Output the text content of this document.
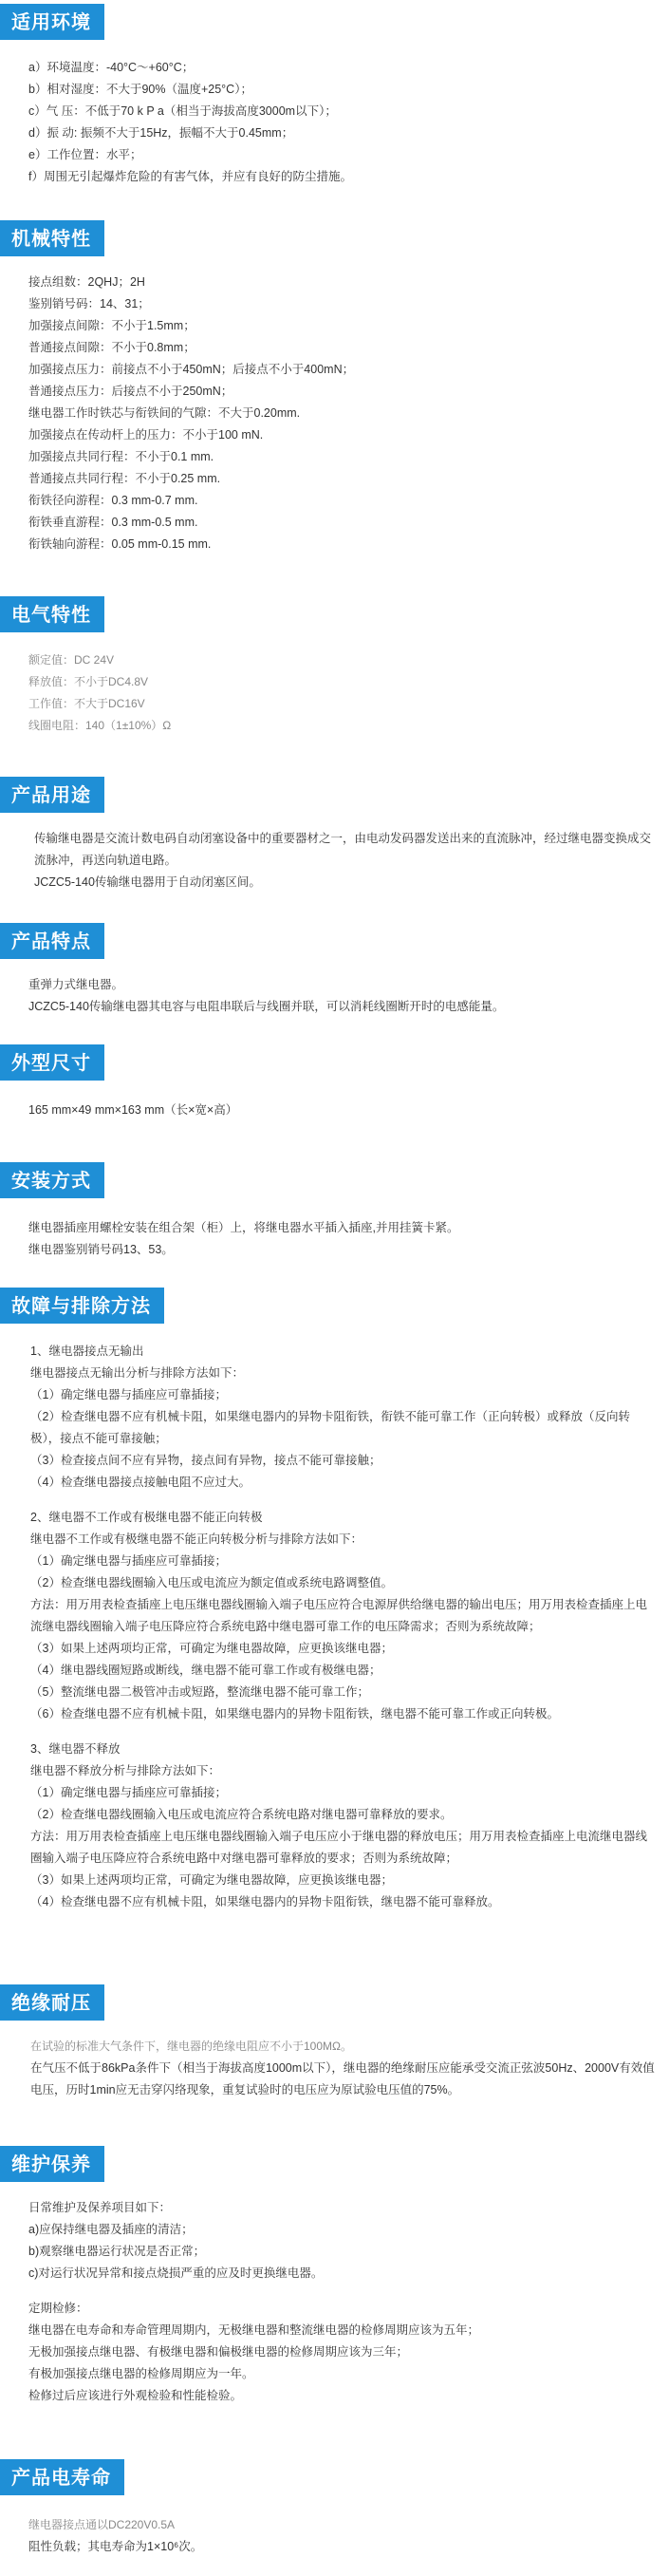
适用环境
a）环境温度：-40°C～+60°C；
b）相对湿度：不大于90%（温度+25°C）；
c）气 压：不低于70 k P a（相当于海拔高度3000m以下）；
d）振 动: 振频不大于15Hz，振幅不大于0.45mm；
e）工作位置：水平；
f）周围无引起爆炸危险的有害气体，并应有良好的防尘措施。
机械特性
接点组数：2QHJ；2H
鉴别销号码：14、31；
加强接点间隙：不小于1.5mm；
普通接点间隙：不小于0.8mm；
加强接点压力：前接点不小于450mN；后接点不小于400mN；
普通接点压力：后接点不小于250mN；
继电器工作时铁芯与衔铁间的气隙：不大于0.20mm.
加强接点在传动杆上的压力：不小于100 mN.
加强接点共同行程：不小于0.1 mm.
普通接点共同行程：不小于0.25 mm.
衔铁径向游程：0.3 mm-0.7 mm.
衔铁垂直游程：0.3 mm-0.5 mm.
衔铁轴向游程：0.05 mm-0.15 mm.
电气特性
额定值：DC 24V
释放值：不小于DC4.8V
工作值：不大于DC16V
线圈电阻：140（1±10%）Ω
产品用途
传输继电器是交流计数电码自动闭塞设备中的重要器材之一，由电动发码器发送出来的直流脉冲，经过继电器变换成交流脉冲，再送向轨道电路。
JCZC5-140传输继电器用于自动闭塞区间。
产品特点
重弹力式继电器。
JCZC5-140传输继电器其电容与电阻串联后与线圈并联，可以消耗线圈断开时的电感能量。
外型尺寸
165 mm×49 mm×163 mm（长×宽×高）
安装方式
继电器插座用螺栓安装在组合架（柜）上，将继电器水平插入插座,并用挂簧卡紧。
继电器鉴别销号码13、53。
故障与排除方法
1、继电器接点无输出
继电器接点无输出分析与排除方法如下：
（1）确定继电器与插座应可靠插接；
（2）检查继电器不应有机械卡阻，如果继电器内的异物卡阻衔铁，衔铁不能可靠工作（正向转极）或释放（反向转极），接点不能可靠接触；
（3）检查接点间不应有异物，接点间有异物，接点不能可靠接触；
（4）检查继电器接点接触电阻不应过大。
2、继电器不工作或有极继电器不能正向转极
继电器不工作或有极继电器不能正向转极分析与排除方法如下：
（1）确定继电器与插座应可靠插接；
（2）检查继电器线圈输入电压或电流应为额定值或系统电路调整值。
方法：用万用表检查插座上电压继电器线圈输入端子电压应符合电源屏供给继电器的输出电压；用万用表检查插座上电流继电器线圈输入端子电压降应符合系统电路中继电器可靠工作的电压降需求；否则为系统故障；
（3）如果上述两项均正常，可确定为继电器故障，应更换该继电器；
（4）继电器线圈短路或断线，继电器不能可靠工作或有极继电器；
（5）整流继电器二极管冲击或短路，整流继电器不能可靠工作；
（6）检查继电器不应有机械卡阻，如果继电器内的异物卡阻衔铁，继电器不能可靠工作或正向转极。
3、继电器不释放
继电器不释放分析与排除方法如下：
（1）确定继电器与插座应可靠插接；
（2）检查继电器线圈输入电压或电流应符合系统电路对继电器可靠释放的要求。
方法：用万用表检查插座上电压继电器线圈输入端子电压应小于继电器的释放电压；用万用表检查插座上电流继电器线圈输入端子电压降应符合系统电路中对继电器可靠释放的要求；否则为系统故障；
（3）如果上述两项均正常，可确定为继电器故障，应更换该继电器；
（4）检查继电器不应有机械卡阻，如果继电器内的异物卡阻衔铁，继电器不能可靠释放。
绝缘耐压
在试验的标准大气条件下，继电器的绝缘电阻应不小于100MΩ。
在气压不低于86kPa条件下（相当于海拔高度1000m以下），继电器的绝缘耐压应能承受交流正弦波50Hz、2000V有效值电压，历时1min应无击穿闪络现象，重复试验时的电压应为原试验电压值的75%。
维护保养
日常维护及保养项目如下：
a)应保持继电器及插座的清洁；
b)观察继电器运行状况是否正常；
c)对运行状况异常和接点烧损严重的应及时更换继电器。
定期检修：
继电器在电寿命和寿命管理周期内，无极继电器和整流继电器的检修周期应该为五年；
无极加强接点继电器、有极继电器和偏极继电器的检修周期应该为三年；
有极加强接点继电器的检修周期应为一年。
检修过后应该进行外观检验和性能检验。
产品电寿命
继电器接点通以DC220V0.5A
阻性负载；其电寿命为1×10⁶次。
